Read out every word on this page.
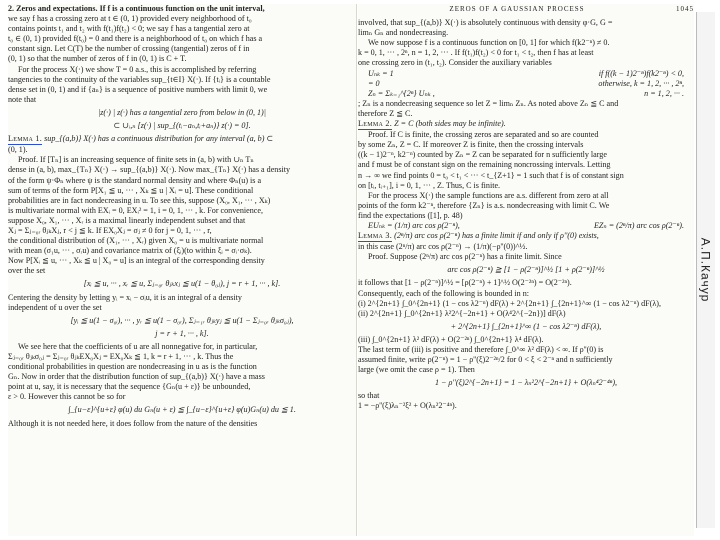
2. Zeros and expectations. If f is a continuous function on the unit interval,
we say f has a crossing zero at t ∈ (0, 1) provided every neighborhood of t₀
contains points t₁ and t₂ with f(t₁)f(t₂) < 0; we say f has a tangential zero at
t₀ ∈ (0, 1) provided f(t₀) = 0 and there is a neighborhood of t₀ on which f has a
constant sign. Let C(T) be the number of crossing (tangential) zeros of f in
(0, 1) so that the number of zeros of f in (0, 1) is C + T.
For the process X(·) we show T = 0 a.s., this is accomplished by referring
tangencies to the continuity of the variables sup_{t∈I} X(·). If {tᵢ} is a countable
dense set in (0, 1) and if {aₙ} is a sequence of positive numbers with limit 0, we
note that
|z(·) | z(·) has a tangential zero from below in (0, 1)|
⊂ ∪ᵢ,ₙ [z(·) | sup_{(tᵢ−aₙ,tᵢ+aₙ)} z(·) = 0].
Lemma 1. sup_{(a,b)} X(·) has a continuous distribution for any interval (a, b) ⊂
(0, 1).
Proof. If [Tₙ] is an increasing sequence of finite sets in (a, b) with ∪ₙ Tₙ
dense in (a, b), max_{Tₙ} X(·) → sup_{(a,b)} X(·). Now max_{Tₙ} X(·) has a density
of the form ψ·Φₙ where ψ is the standard normal density and where Φₙ(u) is a
sum of terms of the form P[X₁ ≦ u, ··· , Xₖ ≦ u | Xᵢ = u]. These conditional
probabilities are in fact nondecreasing in u. To see this, suppose (X₀, X₁, ··· , Xₖ)
is multivariate normal with EXᵢ = 0, EXᵢ² = 1, i = 0, 1, ··· , k. For convenience,
suppose X₀, X₁, ··· , Xᵣ is a maximal linearly independent subset and that
Xⱼ = Σⱼ₌₀ᵣ θⱼₖXⱼ, r < j ≦ k. If EX₀Xⱼ = σⱼ ≠ 0 for j = 0, 1, ··· , r,
the conditional distribution of (X₁, ··· , Xᵣ) given X₀ = u is multivariate normal
with mean (σ₁u, ··· , σᵣu) and covariance matrix of (ξᵢ)(to within ξᵢ = σᵢ·σₖ).
Now P[Xᵢ ≦ u, ··· , Xₖ ≦ u | X₀ = u] is an integral of the corresponding density
over the set
[xᵢ ≦ u, ··· , xᵣ ≦ u, Σⱼ₌₀ᵣ θⱼₖxⱼ ≦ u(1 − θ₀ⱼ), j = r + 1, ··· , k].
Centering the density by letting yᵢ = xᵢ − σᵢu, it is an integral of a density
independent of u over the set
[yᵢ ≦ u(1 − σ₀ᵢ), ··· , yᵣ ≦ u(1 − σ₀ᵣ), Σⱼ₌₁ᵣ θⱼₖyⱼ ≦ u(1 − Σⱼ₌₀ᵣ θⱼₖσ₀ⱼ),
j = r + 1, ··· , k].
We see here that the coefficients of u are all nonnegative for, in particular,
Σⱼ₌₀ᵣ θⱼₖσ₀ⱼ = Σⱼ₌₀ᵣ θⱼₖEX₀Xⱼ = EX₀Xₖ ≦ 1, k = r + 1, ··· , k. Thus the
conditional probabilities in question are nondecreasing in u as is the function
Gₙ. Now in order that the distribution function of sup_{(a,b)} X(·) have a mass
point at u, say, it is necessary that the sequence {Gₙ(u + ε)} be unbounded,
ε > 0. However this cannot be so for
∫_{u−ε}^{u+ε} φ(u) du Gₙ(u + ε) ≦ ∫_{u−ε}^{u+ε} φ(u)Gₙ(u) du ≦ 1.
Although it is not needed here, it does follow from the nature of the densities
ZEROS OF A GAUSSIAN PROCESS	1045
involved, that sup_{(a,b)} X(·) is absolutely continuous with density φ·G, G =
limₙ Gₙ and nondecreasing.
We now suppose f is a continuous function on [0, 1] for which f(k2⁻ⁿ) ≠ 0.
k = 0, 1, ··· , 2ⁿ, n = 1, 2, ··· . If f(t₁)f(t₂) < 0 for t₁ < t₂, then f has at least
one crossing zero in (t₁, t₂). Consider the auxiliary variables
Uₙₖ = 1	if f((k − 1)2⁻ⁿ)f(k2⁻ⁿ) < 0,
= 0	otherwise, k = 1, 2, ··· , 2ⁿ,
Zₙ = Σₖ₌₁^{2ⁿ} Uₙₖ ,	n = 1, 2, ··· .
; Zₙ is a nondecreasing sequence so let Z = limₙ Zₙ. As noted above Zₙ ≦ C and
therefore Z ≦ C.
Lemma 2. Z = C (both sides may be infinite).
Proof. If C is finite, the crossing zeros are separated and so are counted
by some Zₙ, Z = C. If moreover Z is finite, then the crossing intervals
((k − 1)2⁻ⁿ, k2⁻ⁿ) counted by Zₙ = Z can be separated for n sufficiently large
and f must be of constant sign on the remaining noncrossing intervals. Letting
n → ∞ we find points 0 = t₀ < t₁ < ··· < t_{Z+1} = 1 such that f is of constant sign
on [tᵢ, tᵢ₊₁], i = 0, 1, ··· , Z. Thus, C is finite.
For the process X(·) the sample functions are a.s. different from zero at all
points of the form k2⁻ⁿ, therefore {Zₙ} is a.s. nondecreasing with limit C. We
find the expectations ([1], p. 48)
EUₙₖ = (1/π) arc cos ρ(2⁻ⁿ),	EZₙ = (2ⁿ/π) arc cos ρ(2⁻ⁿ).
Lemma 3. (2ⁿ/π) arc cos ρ(2⁻ⁿ) has a finite limit if and only if ρ''(0) exists,
in this case (2ⁿ/π) arc cos ρ(2⁻ⁿ) → (1/π)(−ρ''(0))^½.
Proof. Suppose (2ⁿ/π) arc cos ρ(2⁻ⁿ) has a finite limit. Since
arc cos ρ(2⁻ⁿ) ≧ [1 − ρ(2⁻ⁿ)]^½ [1 + ρ(2⁻ⁿ)]^½
it follows that [1 − ρ(2⁻ⁿ)]^½ = [ρ(2⁻ⁿ) + 1]^½ O(2⁻²ⁿ) = O(2⁻²ⁿ).
Consequently, each of the following is bounded in n:
(i) 2^{2n+1} ∫_0^{2n+1} (1 − cos λ2⁻ⁿ) dF(λ) + 2^{2n+1} ∫_{2n+1}^∞ (1 − cos λ2⁻ⁿ) dF(λ),
(ii) 2^{2n+1} ∫_0^{2n+1} λ²2^{−2n+1} + O(λ⁴2^{−2n})] dF(λ)
+ 2^{2n+1} ∫_{2n+1}^∞ (1 − cos λ2⁻ⁿ) dF(λ),
(iii) ∫_0^{2n+1} λ² dF(λ) + O(2⁻²ⁿ) ∫_0^{2n+1} λ⁴ dF(λ).
The last term of (iii) is positive and therefore ∫_0^∞ λ² dF(λ) < ∞. If ρ''(0) is
assumed finite, write ρ(2⁻ⁿ) = 1 − ρ''(ξ)2⁻²ⁿ/2 for 0 < ξ < 2⁻ⁿ and n sufficiently
large (we omit the case ρ = 1). Then
1 − ρ''(ξ)2^{−2n+1} = 1 − λₙ²2^{−2n+1} + O(λₙ⁴2⁻⁴ⁿ),
so that
1 = −ρ''(ξ)λₙ⁻²ξ² + O(λₙ²2⁻⁴ⁿ).
А.П.Качур
